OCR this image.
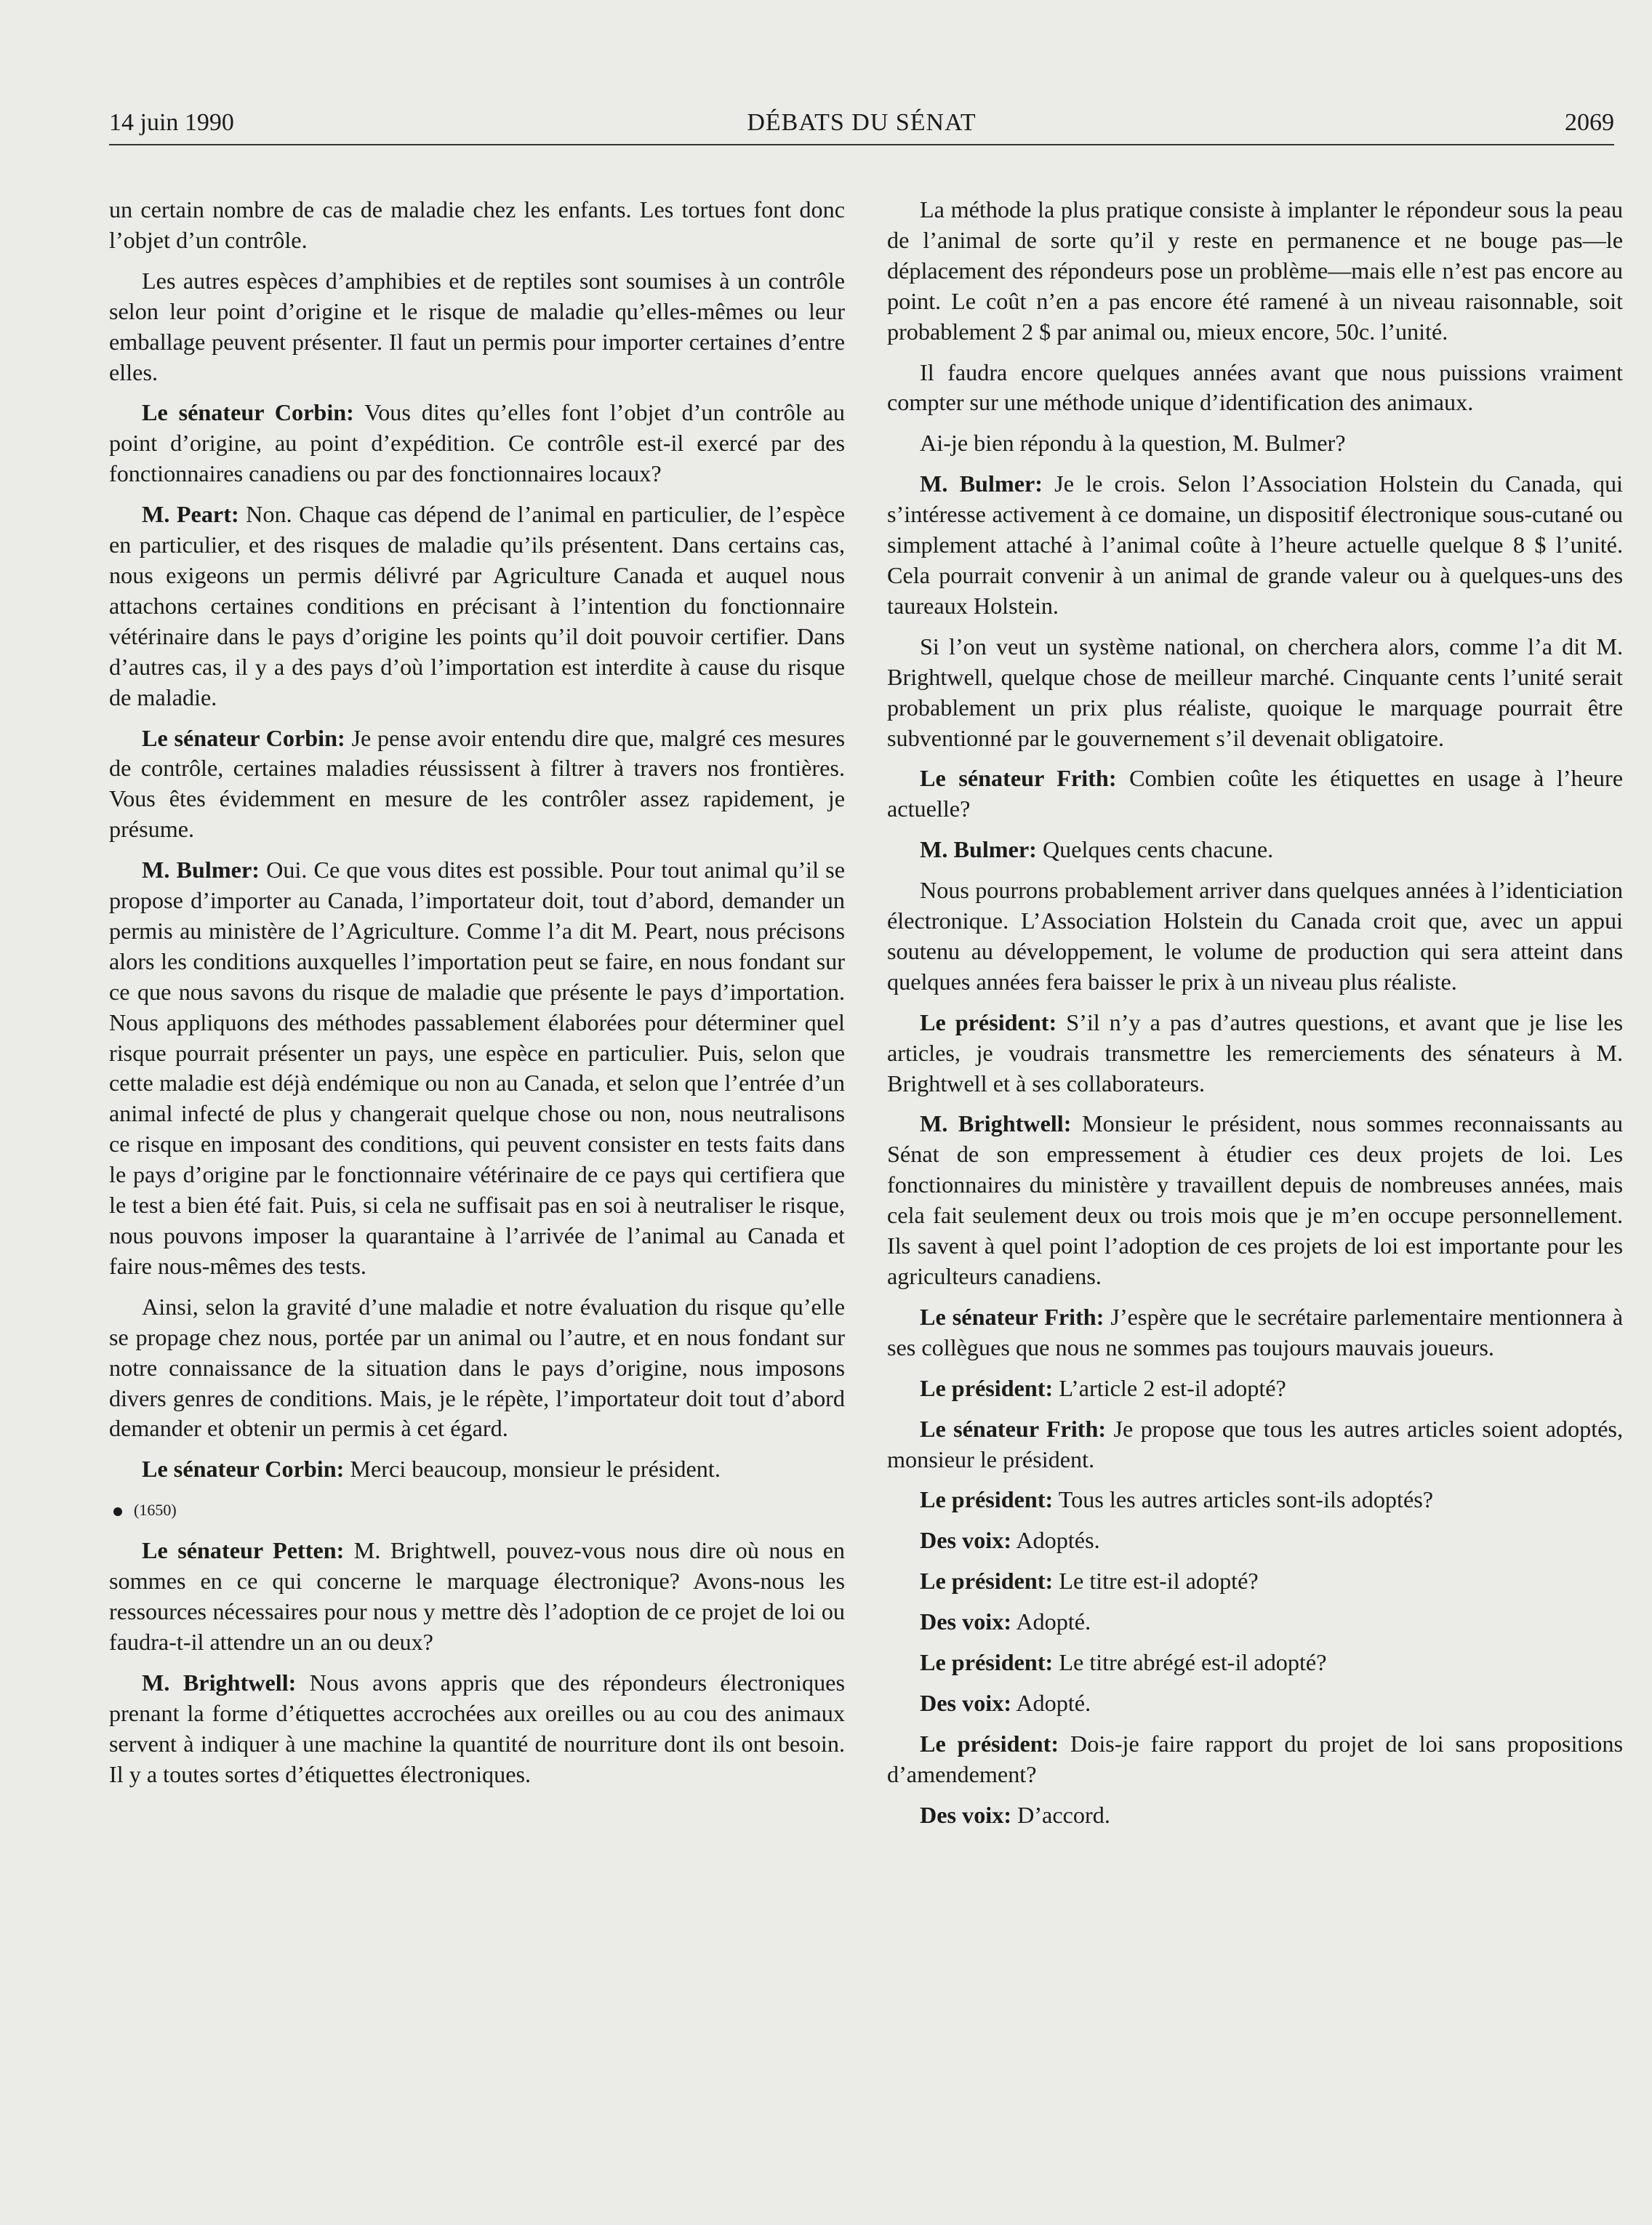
14 juin 1990	DÉBATS DU SÉNAT	2069

un certain nombre de cas de maladie chez les enfants. Les tortues font donc l’objet d’un contrôle.

Les autres espèces d’amphibies et de reptiles sont soumises à un contrôle selon leur point d’origine et le risque de maladie qu’elles-mêmes ou leur emballage peuvent présenter. Il faut un permis pour importer certaines d’entre elles.

Le sénateur Corbin: Vous dites qu’elles font l’objet d’un contrôle au point d’origine, au point d’expédition. Ce contrôle est-il exercé par des fonctionnaires canadiens ou par des fonctionnaires locaux?

M. Peart: Non. Chaque cas dépend de l’animal en particulier, de l’espèce en particulier, et des risques de maladie qu’ils présentent. Dans certains cas, nous exigeons un permis délivré par Agriculture Canada et auquel nous attachons certaines conditions en précisant à l’intention du fonctionnaire vétérinaire dans le pays d’origine les points qu’il doit pouvoir certifier. Dans d’autres cas, il y a des pays d’où l’importation est interdite à cause du risque de maladie.

Le sénateur Corbin: Je pense avoir entendu dire que, malgré ces mesures de contrôle, certaines maladies réussissent à filtrer à travers nos frontières. Vous êtes évidemment en mesure de les contrôler assez rapidement, je présume.

M. Bulmer: Oui. Ce que vous dites est possible. Pour tout animal qu’il se propose d’importer au Canada, l’importateur doit, tout d’abord, demander un permis au ministère de l’Agriculture. Comme l’a dit M. Peart, nous précisons alors les conditions auxquelles l’importation peut se faire, en nous fondant sur ce que nous savons du risque de maladie que présente le pays d’importation. Nous appliquons des méthodes passablement élaborées pour déterminer quel risque pourrait présenter un pays, une espèce en particulier. Puis, selon que cette maladie est déjà endémique ou non au Canada, et selon que l’entrée d’un animal infecté de plus y changerait quelque chose ou non, nous neutralisons ce risque en imposant des conditions, qui peuvent consister en tests faits dans le pays d’origine par le fonctionnaire vétérinaire de ce pays qui certifiera que le test a bien été fait. Puis, si cela ne suffisait pas en soi à neutraliser le risque, nous pouvons imposer la quarantaine à l’arrivée de l’animal au Canada et faire nous-mêmes des tests.

Ainsi, selon la gravité d’une maladie et notre évaluation du risque qu’elle se propage chez nous, portée par un animal ou l’autre, et en nous fondant sur notre connaissance de la situation dans le pays d’origine, nous imposons divers genres de conditions. Mais, je le répète, l’importateur doit tout d’abord demander et obtenir un permis à cet égard.

Le sénateur Corbin: Merci beaucoup, monsieur le président.

(1650)

Le sénateur Petten: M. Brightwell, pouvez-vous nous dire où nous en sommes en ce qui concerne le marquage électronique? Avons-nous les ressources nécessaires pour nous y mettre dès l’adoption de ce projet de loi ou faudra-t-il attendre un an ou deux?

M. Brightwell: Nous avons appris que des répondeurs électroniques prenant la forme d’étiquettes accrochées aux oreilles ou au cou des animaux servent à indiquer à une machine la quantité de nourriture dont ils ont besoin. Il y a toutes sortes d’étiquettes électroniques.

La méthode la plus pratique consiste à implanter le répondeur sous la peau de l’animal de sorte qu’il y reste en permanence et ne bouge pas—le déplacement des répondeurs pose un problème—mais elle n’est pas encore au point. Le coût n’en a pas encore été ramené à un niveau raisonnable, soit probablement 2 $ par animal ou, mieux encore, 50c. l’unité.

Il faudra encore quelques années avant que nous puissions vraiment compter sur une méthode unique d’identification des animaux.

Ai-je bien répondu à la question, M. Bulmer?

M. Bulmer: Je le crois. Selon l’Association Holstein du Canada, qui s’intéresse activement à ce domaine, un dispositif électronique sous-cutané ou simplement attaché à l’animal coûte à l’heure actuelle quelque 8 $ l’unité. Cela pourrait convenir à un animal de grande valeur ou à quelques-uns des taureaux Holstein.

Si l’on veut un système national, on cherchera alors, comme l’a dit M. Brightwell, quelque chose de meilleur marché. Cinquante cents l’unité serait probablement un prix plus réaliste, quoique le marquage pourrait être subventionné par le gouvernement s’il devenait obligatoire.

Le sénateur Frith: Combien coûte les étiquettes en usage à l’heure actuelle?

M. Bulmer: Quelques cents chacune.

Nous pourrons probablement arriver dans quelques années à l’identiciation électronique. L’Association Holstein du Canada croit que, avec un appui soutenu au développement, le volume de production qui sera atteint dans quelques années fera baisser le prix à un niveau plus réaliste.

Le président: S’il n’y a pas d’autres questions, et avant que je lise les articles, je voudrais transmettre les remerciements des sénateurs à M. Brightwell et à ses collaborateurs.

M. Brightwell: Monsieur le président, nous sommes reconnaissants au Sénat de son empressement à étudier ces deux projets de loi. Les fonctionnaires du ministère y travaillent depuis de nombreuses années, mais cela fait seulement deux ou trois mois que je m’en occupe personnellement. Ils savent à quel point l’adoption de ces projets de loi est importante pour les agriculteurs canadiens.

Le sénateur Frith: J’espère que le secrétaire parlementaire mentionnera à ses collègues que nous ne sommes pas toujours mauvais joueurs.

Le président: L’article 2 est-il adopté?

Le sénateur Frith: Je propose que tous les autres articles soient adoptés, monsieur le président.

Le président: Tous les autres articles sont-ils adoptés?

Des voix: Adoptés.

Le président: Le titre est-il adopté?

Des voix: Adopté.

Le président: Le titre abrégé est-il adopté?

Des voix: Adopté.

Le président: Dois-je faire rapport du projet de loi sans propositions d’amendement?

Des voix: D’accord.
